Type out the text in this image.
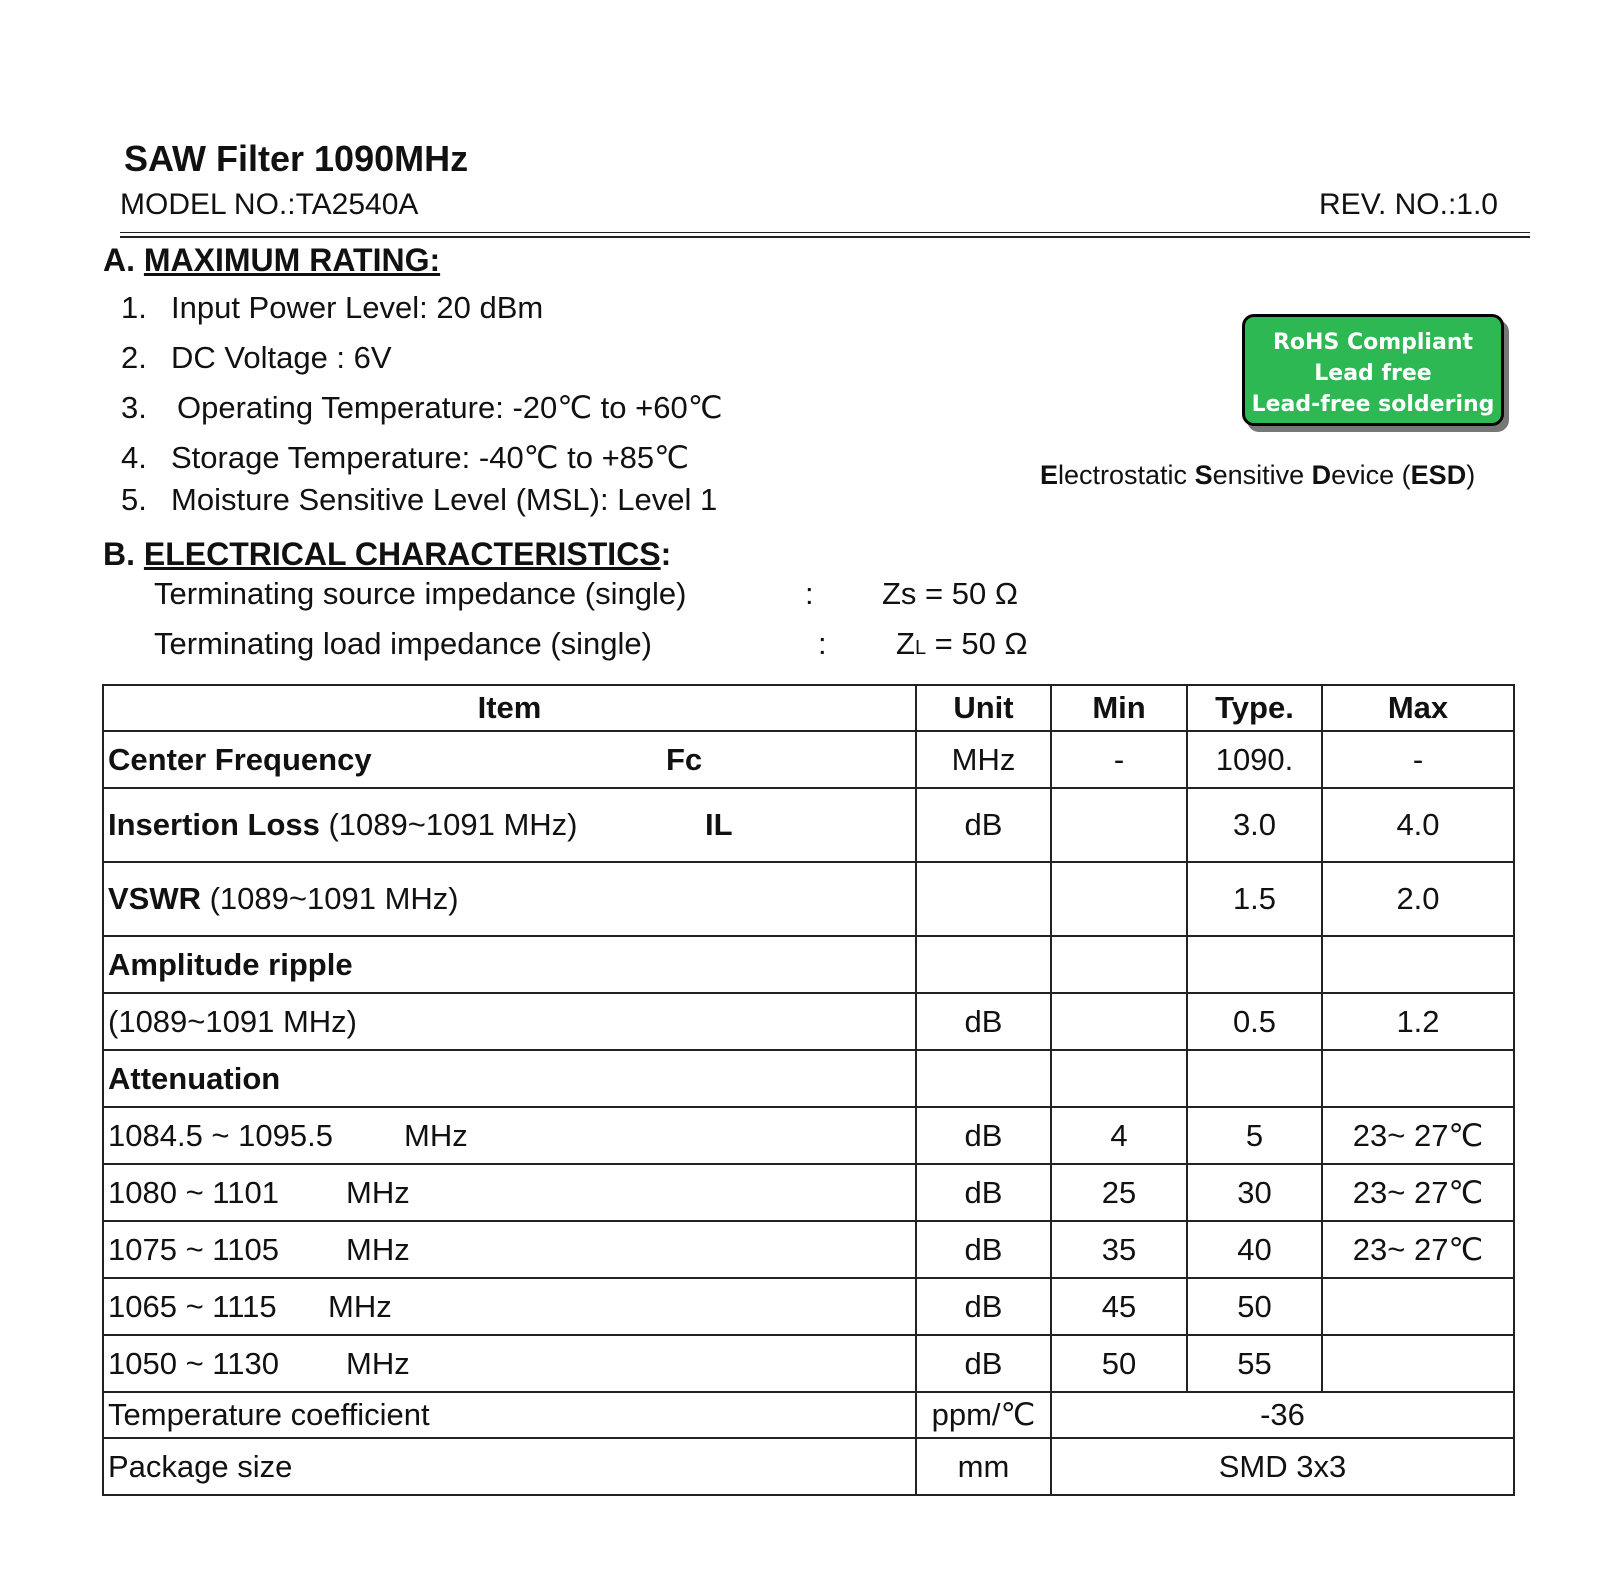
SAW Filter 1090MHz
MODEL NO.:TA2540A	REV. NO.:1.0
A. MAXIMUM RATING:
1. Input Power Level: 20 dBm
2. DC Voltage : 6V
3. Operating Temperature: -20℃ to +60℃
4. Storage Temperature: -40℃ to +85℃
5. Moisture Sensitive Level (MSL): Level 1
RoHS Compliant
Lead free
Lead-free soldering
Electrostatic Sensitive Device (ESD)
B. ELECTRICAL CHARACTERISTICS:
Terminating source impedance (single)	: Zs = 50 Ω
Terminating load impedance (single)	: ZL = 50 Ω
Item	Unit	Min	Type.	Max
Center Frequency Fc	MHz	-	1090.	-
Insertion Loss (1089~1091 MHz) IL	dB		3.0	4.0
VSWR (1089~1091 MHz)			1.5	2.0
Amplitude ripple				
(1089~1091 MHz)	dB		0.5	1.2
Attenuation				
1084.5 ~ 1095.5 MHz	dB	4	5	23~ 27℃
1080 ~ 1101 MHz	dB	25	30	23~ 27℃
1075 ~ 1105 MHz	dB	35	40	23~ 27℃
1065 ~ 1115 MHz	dB	45	50	
1050 ~ 1130 MHz	dB	50	55	
Temperature coefficient	ppm/℃	-36		
Package size	mm	SMD 3x3		
